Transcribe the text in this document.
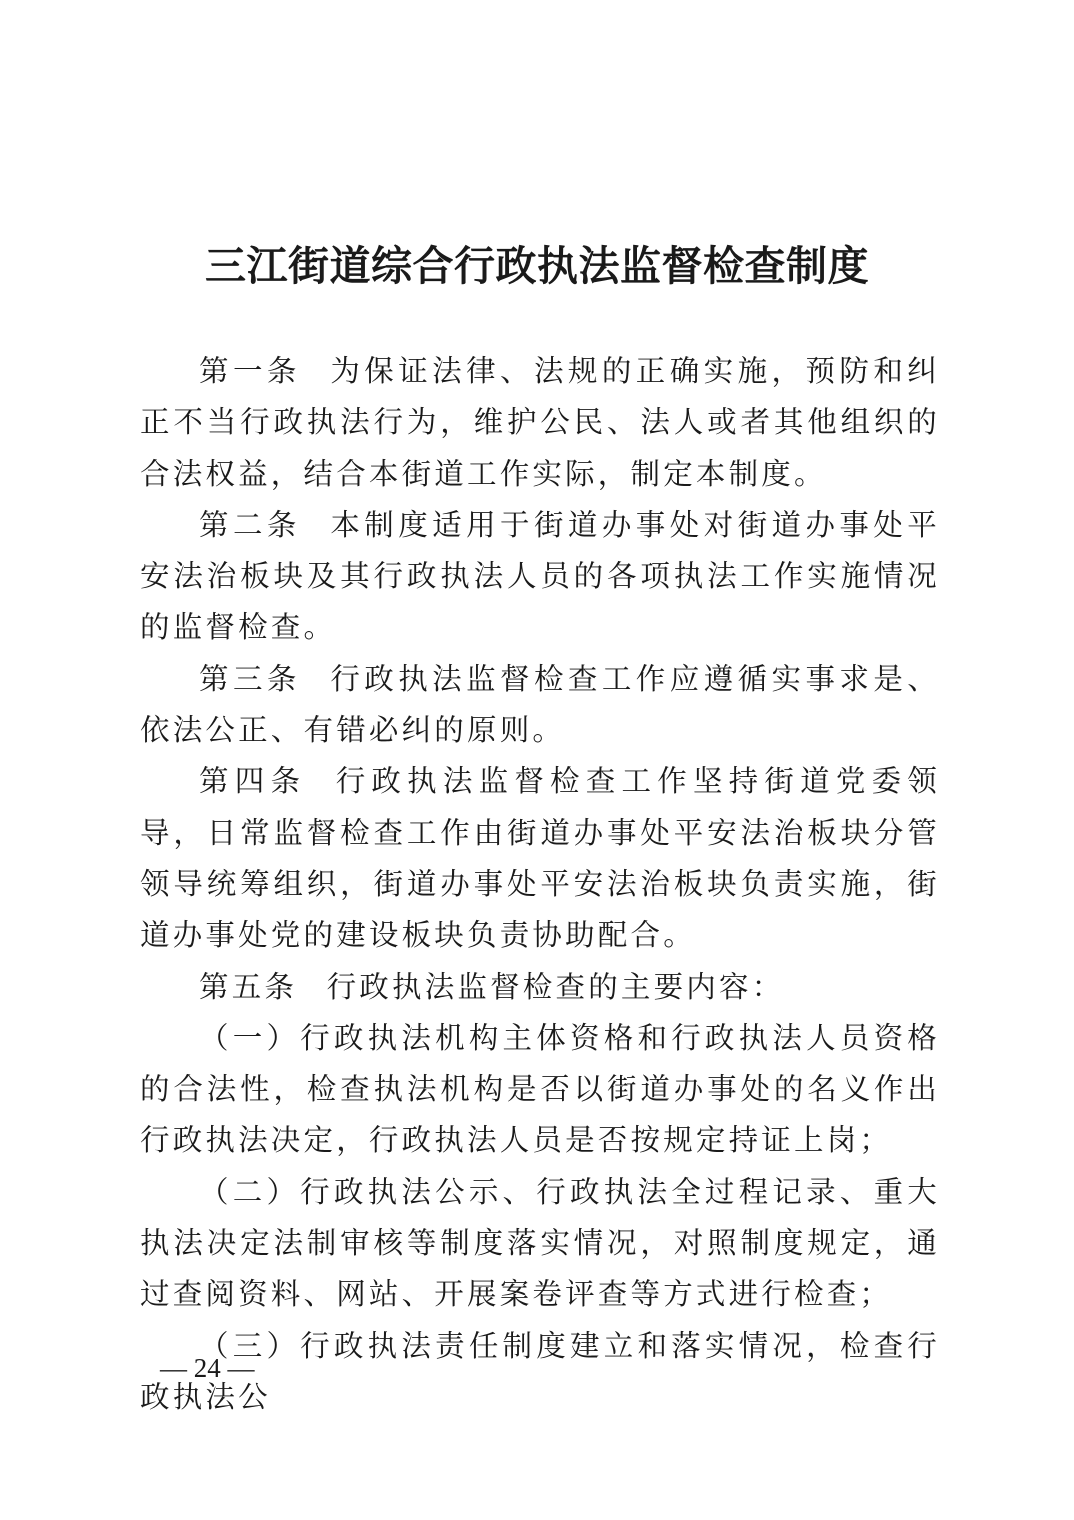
三江街道综合行政执法监督检查制度

第一条 为保证法律、法规的正确实施，预防和纠正不当行政执法行为，维护公民、法人或者其他组织的合法权益，结合本街道工作实际，制定本制度。

第二条 本制度适用于街道办事处对街道办事处平安法治板块及其行政执法人员的各项执法工作实施情况的监督检查。

第三条 行政执法监督检查工作应遵循实事求是、依法公正、有错必纠的原则。

第四条 行政执法监督检查工作坚持街道党委领导，日常监督检查工作由街道办事处平安法治板块分管领导统筹组织，街道办事处平安法治板块负责实施，街道办事处党的建设板块负责协助配合。

第五条 行政执法监督检查的主要内容：

（一）行政执法机构主体资格和行政执法人员资格的合法性，检查执法机构是否以街道办事处的名义作出行政执法决定，行政执法人员是否按规定持证上岗；

（二）行政执法公示、行政执法全过程记录、重大执法决定法制审核等制度落实情况，对照制度规定，通过查阅资料、网站、开展案卷评查等方式进行检查；

（三）行政执法责任制度建立和落实情况，检查行政执法公

— 24 —
